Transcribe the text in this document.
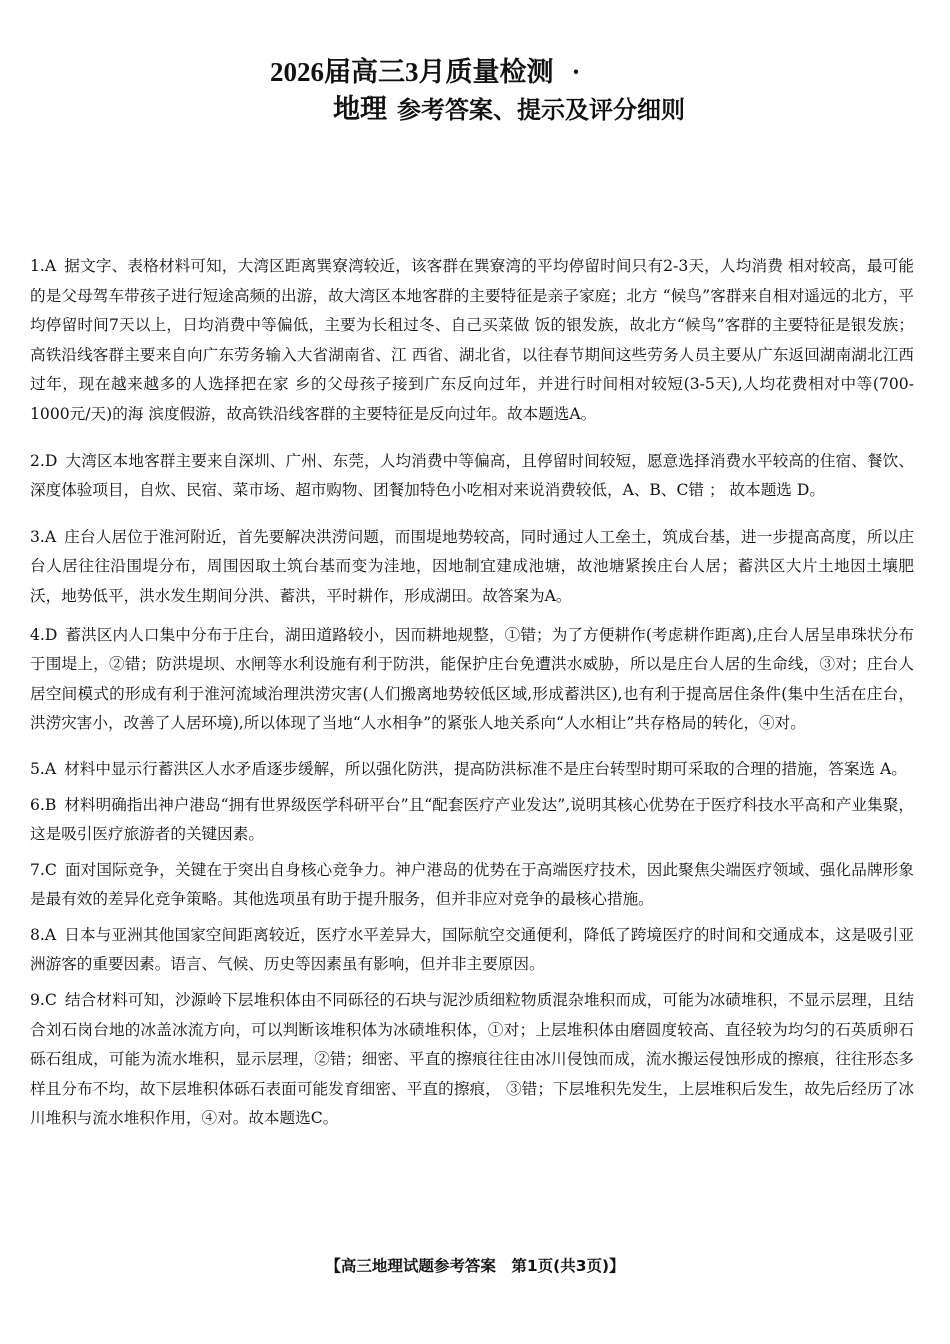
2026届高三3月质量检测 ·
地理 参考答案、提示及评分细则

1.A 据文字、表格材料可知，大湾区距离巽寮湾较近，该客群在巽寮湾的平均停留时间只有2-3天，人均消费 相对较高，最可能的是父母驾车带孩子进行短途高频的出游，故大湾区本地客群的主要特征是亲子家庭；北方 “候鸟”客群来自相对遥远的北方，平均停留时间7天以上，日均消费中等偏低，主要为长租过冬、自己买菜做 饭的银发族，故北方“候鸟”客群的主要特征是银发族；高铁沿线客群主要来自向广东劳务输入大省湖南省、江 西省、湖北省，以往春节期间这些劳务人员主要从广东返回湖南湖北江西过年，现在越来越多的人选择把在家 乡的父母孩子接到广东反向过年，并进行时间相对较短(3-5天),人均花费相对中等(700-1000元/天)的海 滨度假游，故高铁沿线客群的主要特征是反向过年。故本题选A。

2.D 大湾区本地客群主要来自深圳、广州、东莞，人均消费中等偏高，且停留时间较短，愿意选择消费水平较高的住宿、餐饮、深度体验项目，自炊、民宿、菜市场、超市购物、团餐加特色小吃相对来说消费较低，A、B、C错 ； 故本题选 D。

3.A 庄台人居位于淮河附近，首先要解决洪涝问题，而围堤地势较高，同时通过人工垒土，筑成台基，进一步提高高度，所以庄台人居往往沿围堤分布，周围因取土筑台基而变为洼地，因地制宜建成池塘，故池塘紧挨庄台人居；蓄洪区大片土地因土壤肥沃，地势低平，洪水发生期间分洪、蓄洪，平时耕作，形成湖田。故答案为A。

4.D 蓄洪区内人口集中分布于庄台，湖田道路较小，因而耕地规整，①错；为了方便耕作(考虑耕作距离),庄台人居呈串珠状分布于围堤上，②错；防洪堤坝、水闸等水利设施有利于防洪，能保护庄台免遭洪水威胁，所以是庄台人居的生命线，③对；庄台人居空间模式的形成有利于淮河流域治理洪涝灾害(人们搬离地势较低区域,形成蓄洪区),也有利于提高居住条件(集中生活在庄台，洪涝灾害小，改善了人居环境),所以体现了当地“人水相争”的紧张人地关系向“人水相让”共存格局的转化，④对。

5.A 材料中显示行蓄洪区人水矛盾逐步缓解，所以强化防洪，提高防洪标准不是庄台转型时期可采取的合理的措施，答案选 A。

6.B 材料明确指出神户港岛“拥有世界级医学科研平台”且“配套医疗产业发达”,说明其核心优势在于医疗科技水平高和产业集聚，这是吸引医疗旅游者的关键因素。

7.C 面对国际竞争，关键在于突出自身核心竞争力。神户港岛的优势在于高端医疗技术，因此聚焦尖端医疗领域、强化品牌形象是最有效的差异化竞争策略。其他选项虽有助于提升服务，但并非应对竞争的最核心措施。

8.A 日本与亚洲其他国家空间距离较近，医疗水平差异大，国际航空交通便利，降低了跨境医疗的时间和交通成本，这是吸引亚洲游客的重要因素。语言、气候、历史等因素虽有影响，但并非主要原因。

9.C 结合材料可知，沙源岭下层堆积体由不同砾径的石块与泥沙质细粒物质混杂堆积而成，可能为冰碛堆积，不显示层理，且结合刘石岗台地的冰盖冰流方向，可以判断该堆积体为冰碛堆积体，①对；上层堆积体由磨圆度较高、直径较为均匀的石英质卵石砾石组成，可能为流水堆积，显示层理，②错；细密、平直的擦痕往往由冰川侵蚀而成，流水搬运侵蚀形成的擦痕，往往形态多样且分布不均，故下层堆积体砾石表面可能发育细密、平直的擦痕， ③错；下层堆积先发生，上层堆积后发生，故先后经历了冰川堆积与流水堆积作用，④对。故本题选C。

【高三地理试题参考答案　第1页(共3页)】
